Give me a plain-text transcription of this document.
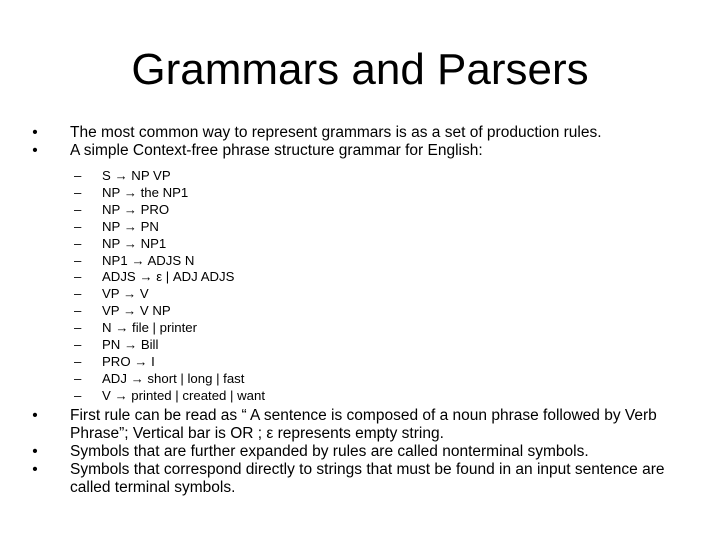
Grammars and Parsers
• The most common way to represent grammars is as a set of production rules.
• A simple Context-free phrase structure grammar for English:
– S → NP VP
– NP → the NP1
– NP → PRO
– NP → PN
– NP → NP1
– NP1 → ADJS N
– ADJS → ε | ADJ ADJS
– VP → V
– VP → V NP
– N → file | printer
– PN → Bill
– PRO → I
– ADJ → short | long | fast
– V → printed | created | want
• First rule can be read as “ A sentence is composed of a noun phrase followed by Verb Phrase”; Vertical bar is OR ; ε represents empty string.
• Symbols that are further expanded by rules are called nonterminal symbols.
• Symbols that correspond directly to strings that must be found in an input sentence are called terminal symbols.
